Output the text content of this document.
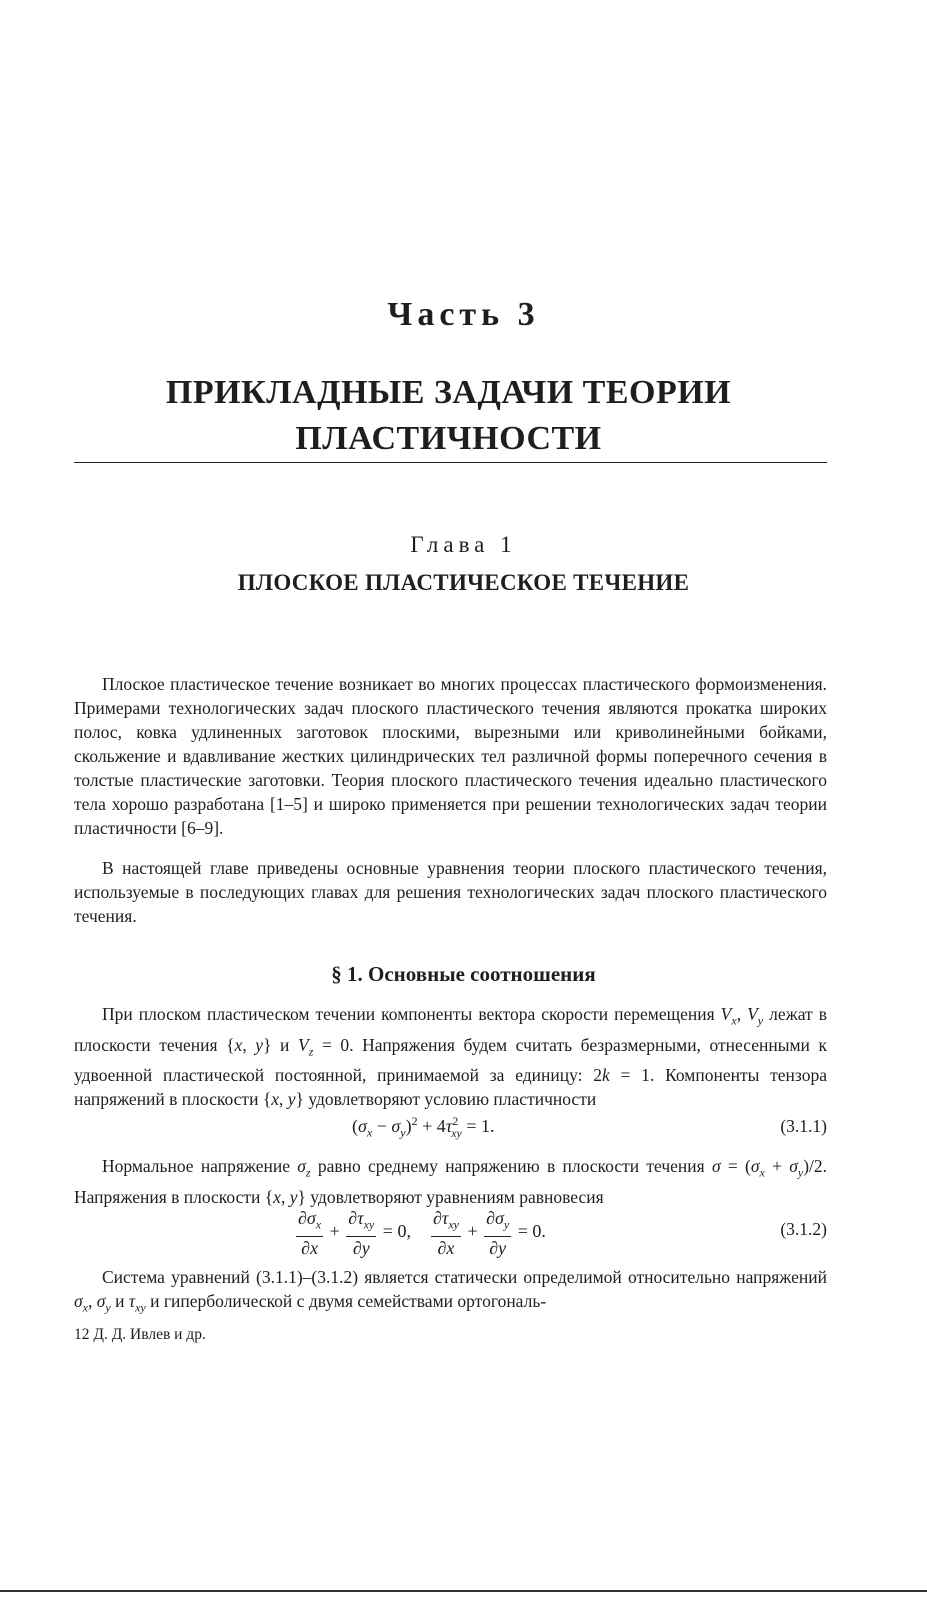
Часть 3
ПРИКЛАДНЫЕ ЗАДАЧИ ТЕОРИИ
ПЛАСТИЧНОСТИ
Глава 1
ПЛОСКОЕ ПЛАСТИЧЕСКОЕ ТЕЧЕНИЕ

Плоское пластическое течение возникает во многих процессах пластического формоизменения. Примерами технологических задач плоского пластического течения являются прокатка широких полос, ковка удлиненных заготовок плоскими, вырезными или криволинейными бойками, скольжение и вдавливание жестких цилиндрических тел различной формы поперечного сечения в толстые пластические заготовки. Теория плоского пластического течения идеально пластического тела хорошо разработана [1–5] и широко применяется при решении технологических задач теории пластичности [6–9].

В настоящей главе приведены основные уравнения теории плоского пластического течения, используемые в последующих главах для решения технологических задач плоского пластического течения.

§ 1. Основные соотношения

При плоском пластическом течении компоненты вектора скорости перемещения $V_x$, $V_y$ лежат в плоскости течения {x, y} и $V_z = 0$. Напряжения будем считать безразмерными, отнесенными к удвоенной пластической постоянной, принимаемой за единицу: 2k = 1. Компоненты тензора напряжений в плоскости {x, y} удовлетворяют условию пластичности

$(\sigma_x - \sigma_y)^2 + 4\tau^2_{xy} = 1$.	(3.1.1)

Нормальное напряжение $\sigma_z$ равно среднему напряжению в плоскости течения $\sigma = (\sigma_x + \sigma_y)/2$. Напряжения в плоскости {x, y} удовлетворяют уравнениям равновесия

$\frac{\partial\sigma_x}{\partial x} + \frac{\partial\tau_{xy}}{\partial y} = 0$, $\frac{\partial\tau_{xy}}{\partial x} + \frac{\partial\sigma_y}{\partial y} = 0$.	(3.1.2)

Система уравнений (3.1.1)–(3.1.2) является статически определимой относительно напряжений $\sigma_x$, $\sigma_y$ и $\tau_{xy}$ и гиперболической с двумя семействами ортогональ-

12 Д. Д. Ивлев и др.
